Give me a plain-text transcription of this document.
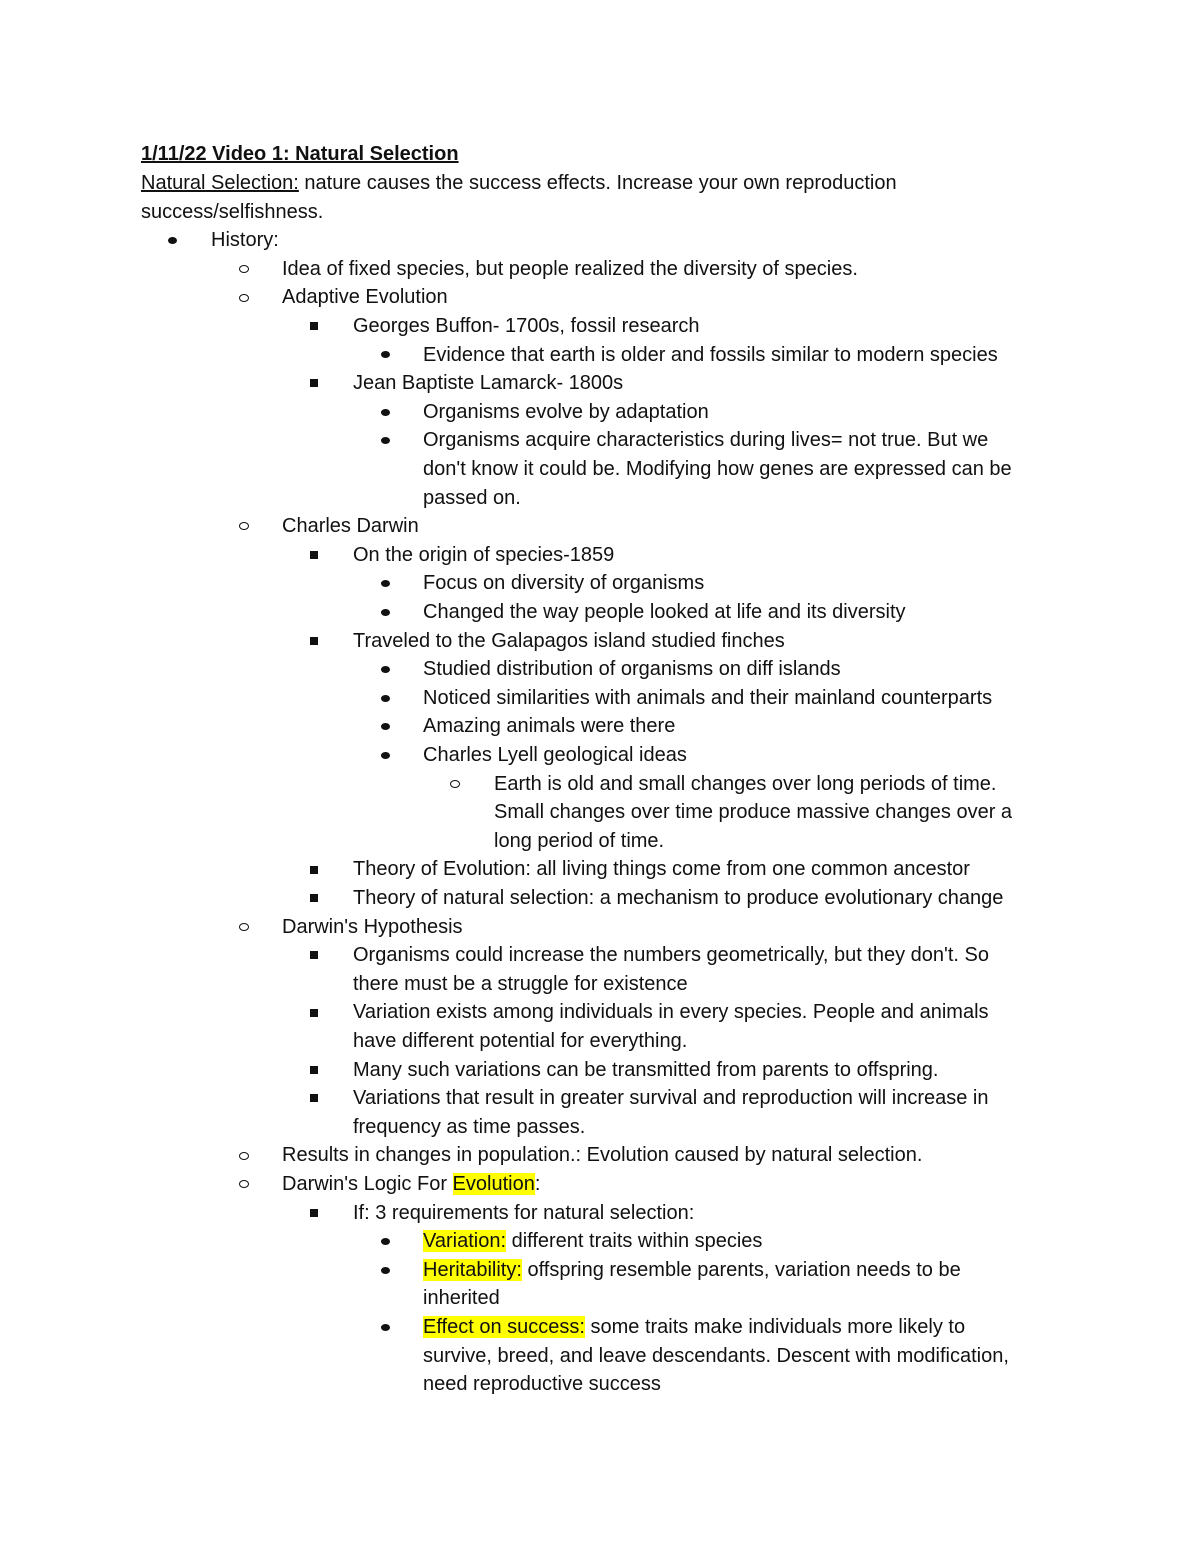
1/11/22 Video 1: Natural Selection
Natural Selection: nature causes the success effects. Increase your own reproduction
success/selfishness.
History:
Idea of fixed species, but people realized the diversity of species.
Adaptive Evolution
Georges Buffon- 1700s, fossil research
Evidence that earth is older and fossils similar to modern species
Jean Baptiste Lamarck- 1800s
Organisms evolve by adaptation
Organisms acquire characteristics during lives= not true. But we
don't know it could be. Modifying how genes are expressed can be
passed on.
Charles Darwin
On the origin of species-1859
Focus on diversity of organisms
Changed the way people looked at life and its diversity
Traveled to the Galapagos island studied finches
Studied distribution of organisms on diff islands
Noticed similarities with animals and their mainland counterparts
Amazing animals were there
Charles Lyell geological ideas
Earth is old and small changes over long periods of time.
Small changes over time produce massive changes over a
long period of time.
Theory of Evolution: all living things come from one common ancestor
Theory of natural selection: a mechanism to produce evolutionary change
Darwin's Hypothesis
Organisms could increase the numbers geometrically, but they don't. So
there must be a struggle for existence
Variation exists among individuals in every species. People and animals
have different potential for everything.
Many such variations can be transmitted from parents to offspring.
Variations that result in greater survival and reproduction will increase in
frequency as time passes.
Results in changes in population.: Evolution caused by natural selection.
Darwin's Logic For Evolution:
If: 3 requirements for natural selection:
Variation: different traits within species
Heritability: offspring resemble parents, variation needs to be
inherited
Effect on success: some traits make individuals more likely to
survive, breed, and leave descendants. Descent with modification,
need reproductive success
